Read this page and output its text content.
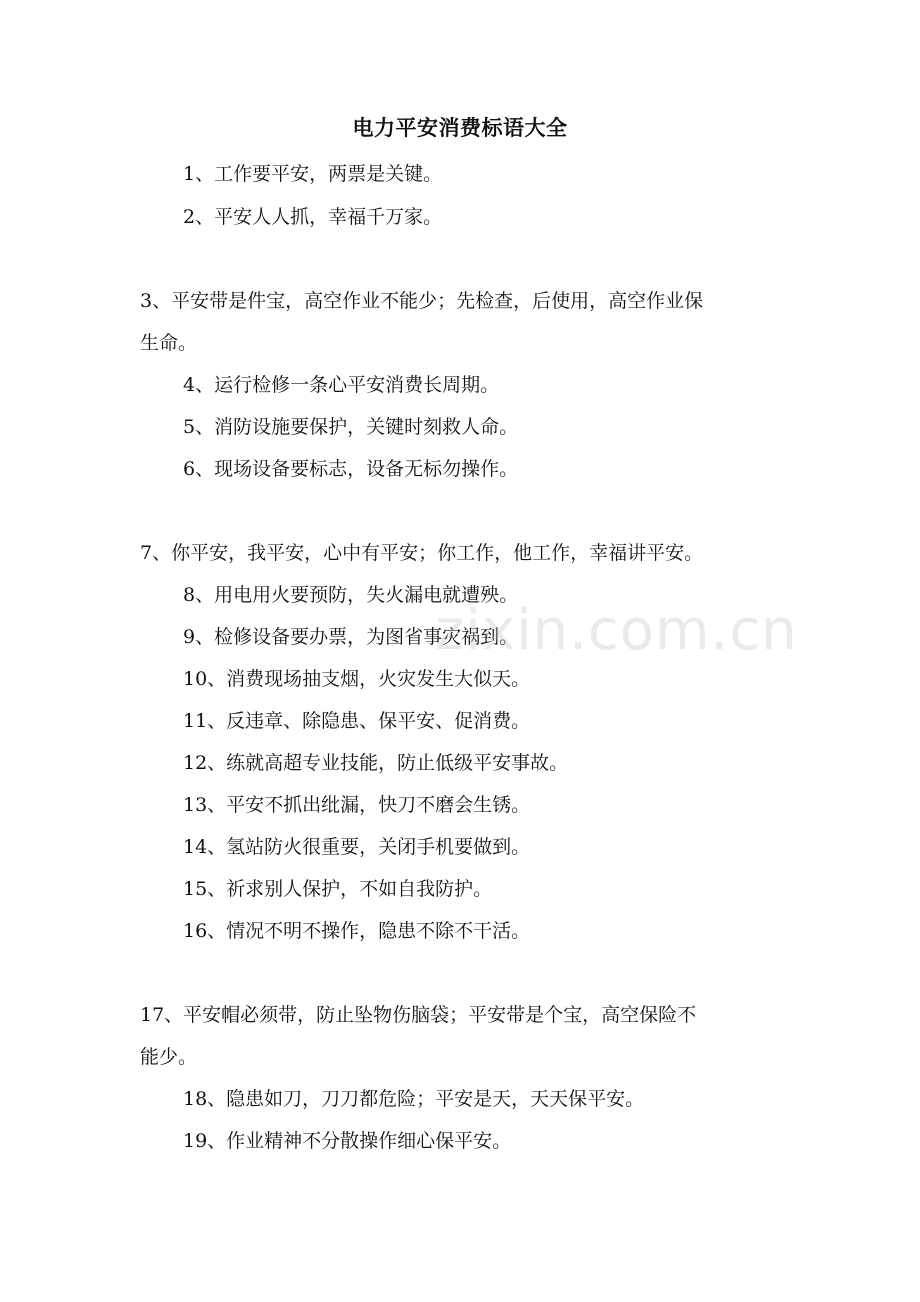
电力平安消费标语大全
1、工作要平安，两票是关键。
2、平安人人抓，幸福千万家。
3、平安带是件宝，高空作业不能少；先检查，后使用，高空作业保
生命。
4、运行检修一条心平安消费长周期。
5、消防设施要保护，关键时刻救人命。
6、现场设备要标志，设备无标勿操作。
7、你平安，我平安，心中有平安；你工作，他工作，幸福讲平安。
8、用电用火要预防，失火漏电就遭殃。
9、检修设备要办票，为图省事灾祸到。
10、消费现场抽支烟，火灾发生大似天。
11、反违章、除隐患、保平安、促消费。
12、练就高超专业技能，防止低级平安事故。
13、平安不抓出纰漏，快刀不磨会生锈。
14、氢站防火很重要，关闭手机要做到。
15、祈求别人保护，不如自我防护。
16、情况不明不操作，隐患不除不干活。
17、平安帽必须带，防止坠物伤脑袋；平安带是个宝，高空保险不
能少。
18、隐患如刀，刀刀都危险；平安是天，天天保平安。
19、作业精神不分散操作细心保平安。
zixin.com.cn
